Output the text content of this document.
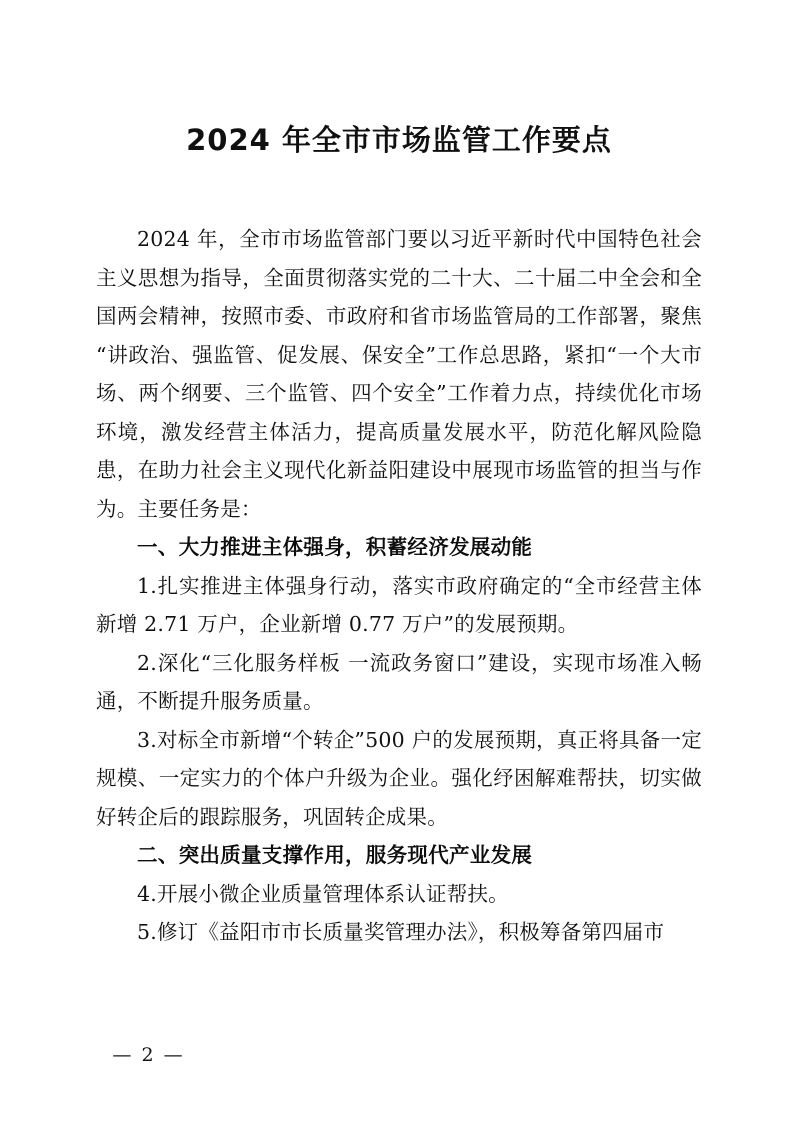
2024 年全市市场监管工作要点

2024 年，全市市场监管部门要以习近平新时代中国特色社会主义思想为指导，全面贯彻落实党的二十大、二十届二中全会和全国两会精神，按照市委、市政府和省市场监管局的工作部署，聚焦“讲政治、强监管、促发展、保安全”工作总思路，紧扣“一个大市场、两个纲要、三个监管、四个安全”工作着力点，持续优化市场环境，激发经营主体活力，提高质量发展水平，防范化解风险隐患，在助力社会主义现代化新益阳建设中展现市场监管的担当与作为。主要任务是：

一、大力推进主体强身，积蓄经济发展动能

1.扎实推进主体强身行动，落实市政府确定的“全市经营主体新增 2.71 万户，企业新增 0.77 万户”的发展预期。

2.深化“三化服务样板 一流政务窗口”建设，实现市场准入畅通，不断提升服务质量。

3.对标全市新增“个转企”500 户的发展预期，真正将具备一定规模、一定实力的个体户升级为企业。强化纾困解难帮扶，切实做好转企后的跟踪服务，巩固转企成果。

二、突出质量支撑作用，服务现代产业发展

4.开展小微企业质量管理体系认证帮扶。

5.修订《益阳市市长质量奖管理办法》，积极筹备第四届市

— 2 —
